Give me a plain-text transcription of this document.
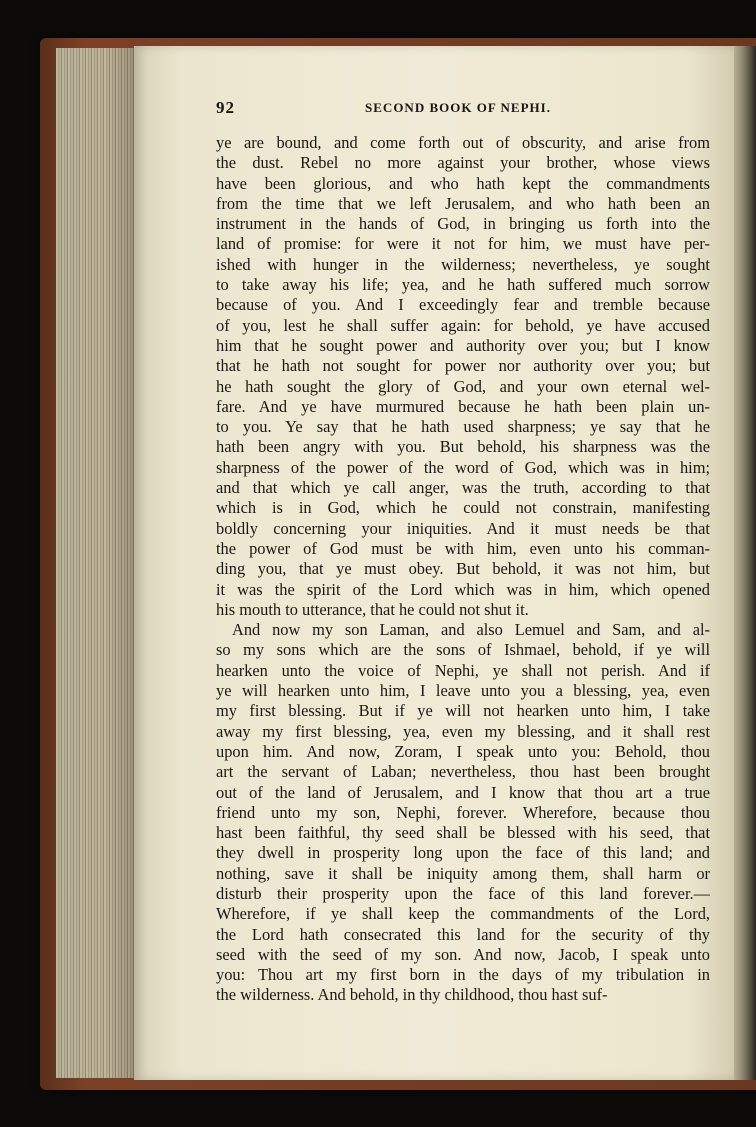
92	SECOND BOOK OF NEPHI.
ye are bound, and come forth out of obscurity, and arise from
the dust. Rebel no more against your brother, whose views
have been glorious, and who hath kept the commandments
from the time that we left Jerusalem, and who hath been an
instrument in the hands of God, in bringing us forth into the
land of promise: for were it not for him, we must have per-
ished with hunger in the wilderness; nevertheless, ye sought
to take away his life; yea, and he hath suffered much sorrow
because of you. And I exceedingly fear and tremble because
of you, lest he shall suffer again: for behold, ye have accused
him that he sought power and authority over you; but I know
that he hath not sought for power nor authority over you; but
he hath sought the glory of God, and your own eternal wel-
fare. And ye have murmured because he hath been plain un-
to you. Ye say that he hath used sharpness; ye say that he
hath been angry with you. But behold, his sharpness was the
sharpness of the power of the word of God, which was in him;
and that which ye call anger, was the truth, according to that
which is in God, which he could not constrain, manifesting
boldly concerning your iniquities. And it must needs be that
the power of God must be with him, even unto his comman-
ding you, that ye must obey. But behold, it was not him, but
it was the spirit of the Lord which was in him, which opened
his mouth to utterance, that he could not shut it.
And now my son Laman, and also Lemuel and Sam, and al-
so my sons which are the sons of Ishmael, behold, if ye will
hearken unto the voice of Nephi, ye shall not perish. And if
ye will hearken unto him, I leave unto you a blessing, yea, even
my first blessing. But if ye will not hearken unto him, I take
away my first blessing, yea, even my blessing, and it shall rest
upon him. And now, Zoram, I speak unto you: Behold, thou
art the servant of Laban; nevertheless, thou hast been brought
out of the land of Jerusalem, and I know that thou art a true
friend unto my son, Nephi, forever. Wherefore, because thou
hast been faithful, thy seed shall be blessed with his seed, that
they dwell in prosperity long upon the face of this land; and
nothing, save it shall be iniquity among them, shall harm or
disturb their prosperity upon the face of this land forever.—
Wherefore, if ye shall keep the commandments of the Lord,
the Lord hath consecrated this land for the security of thy
seed with the seed of my son. And now, Jacob, I speak unto
you: Thou art my first born in the days of my tribulation in
the wilderness. And behold, in thy childhood, thou hast suf-
